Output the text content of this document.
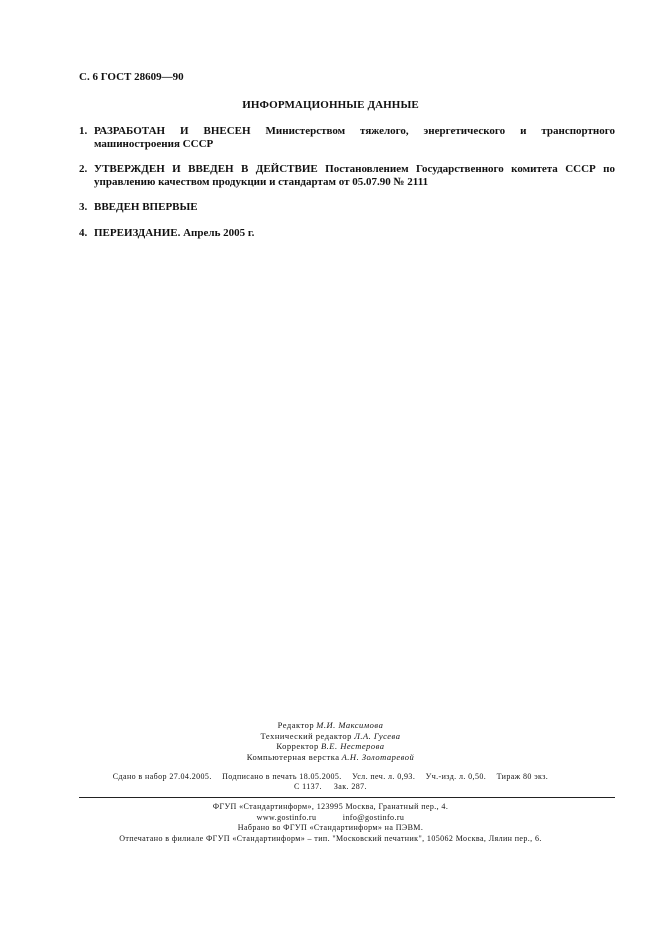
С. 6 ГОСТ 28609—90
ИНФОРМАЦИОННЫЕ ДАННЫЕ
1. РАЗРАБОТАН И ВНЕСЕН Министерством тяжелого, энергетического и транспортного машиностроения СССР
2. УТВЕРЖДЕН И ВВЕДЕН В ДЕЙСТВИЕ Постановлением Государственного комитета СССР по управлению качеством продукции и стандартам от 05.07.90 № 2111
3. ВВЕДЕН ВПЕРВЫЕ
4. ПЕРЕИЗДАНИЕ. Апрель 2005 г.
Редактор М.И. Максимова
Технический редактор Л.А. Гусева
Корректор В.Е. Нестерова
Компьютерная верстка А.Н. Золотаревой
Сдано в набор 27.04.2005. Подписано в печать 18.05.2005. Усл. печ. л. 0,93. Уч.-изд. л. 0,50. Тираж 80 экз.
С 1137. Зак. 287.
ФГУП «Стандартинформ», 123995 Москва, Гранатный пер., 4.
www.gostinfo.ru	info@gostinfo.ru
Набрано во ФГУП «Стандартинформ» на ПЭВМ.
Отпечатано в филиале ФГУП «Стандартинформ» – тип. "Московский печатник", 105062 Москва, Лялин пер., 6.
